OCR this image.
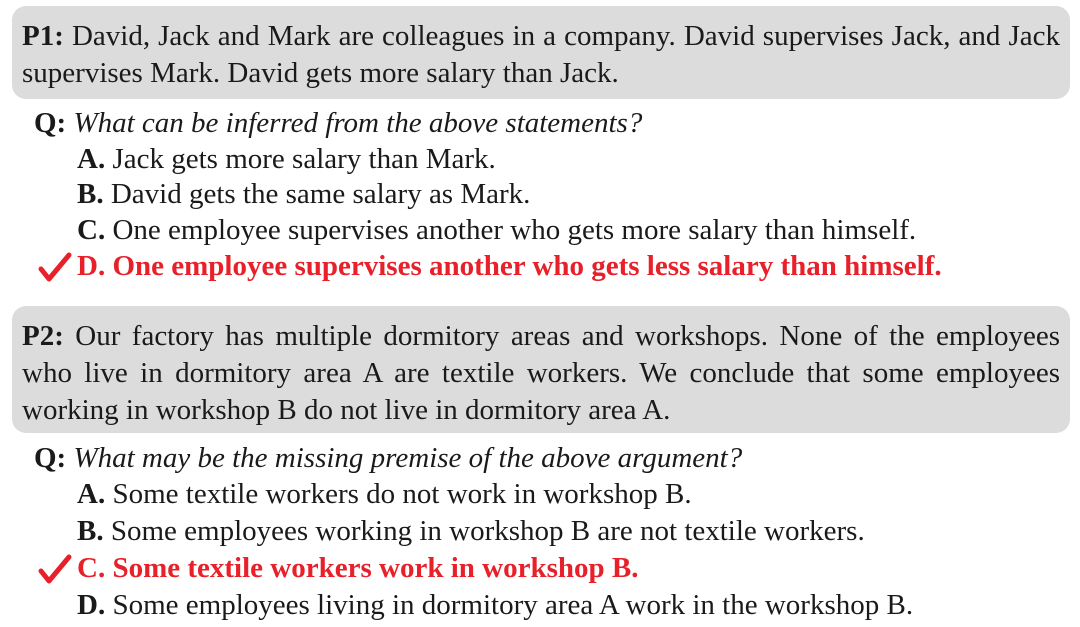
P1: David, Jack and Mark are colleagues in a company. David supervises Jack, and Jack supervises Mark. David gets more salary than Jack.
Q: What can be inferred from the above statements?
A. Jack gets more salary than Mark.
B. David gets the same salary as Mark.
C. One employee supervises another who gets more salary than himself.
D. One employee supervises another who gets less salary than himself.
P2: Our factory has multiple dormitory areas and workshops. None of the employees who live in dormitory area A are textile workers. We conclude that some employees working in workshop B do not live in dormitory area A.
Q: What may be the missing premise of the above argument?
A. Some textile workers do not work in workshop B.
B. Some employees working in workshop B are not textile workers.
C. Some textile workers work in workshop B.
D. Some employees living in dormitory area A work in the workshop B.
